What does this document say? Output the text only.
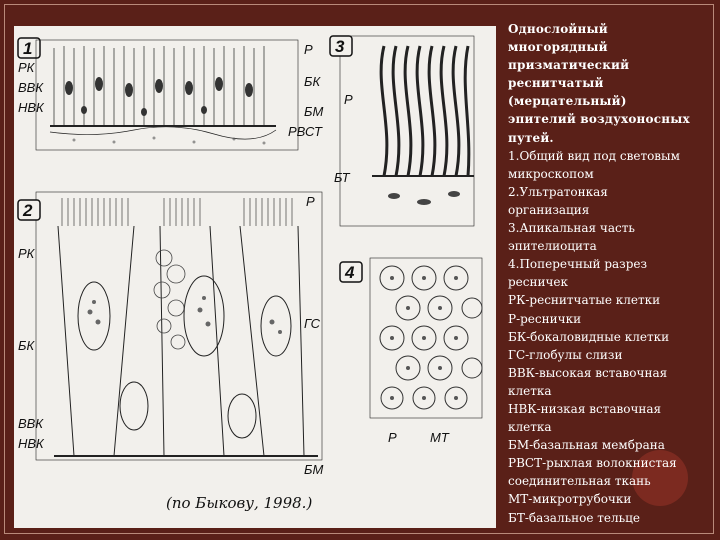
1
РК
ВВК
НВК
Р
БК
БМ
РВСТ
3
Р
БТ
2	Р
РК
ГС
БК
ВВК
НВК
БМ
4
Р	МТ
(по Быкову, 1998.)
Однослойный
многорядный
призматический
реснитчатый
(мерцательный)
эпителий воздухоносных
путей.
1.Общий вид под световым
микроскопом
2.Ультратонкая
организация
3.Апикальная часть
эпителиоцита
4.Поперечный разрез
ресничек
РК-реснитчатые клетки
Р-реснички
БК-бокаловидные клетки
ГС-глобулы слизи
ВВК-высокая вставочная
клетка
НВК-низкая вставочная
клетка
БМ-базальная мембрана
РВСТ-рыхлая волокнистая
соединительная ткань
МТ-микротрубочки
БТ-базальное тельце
